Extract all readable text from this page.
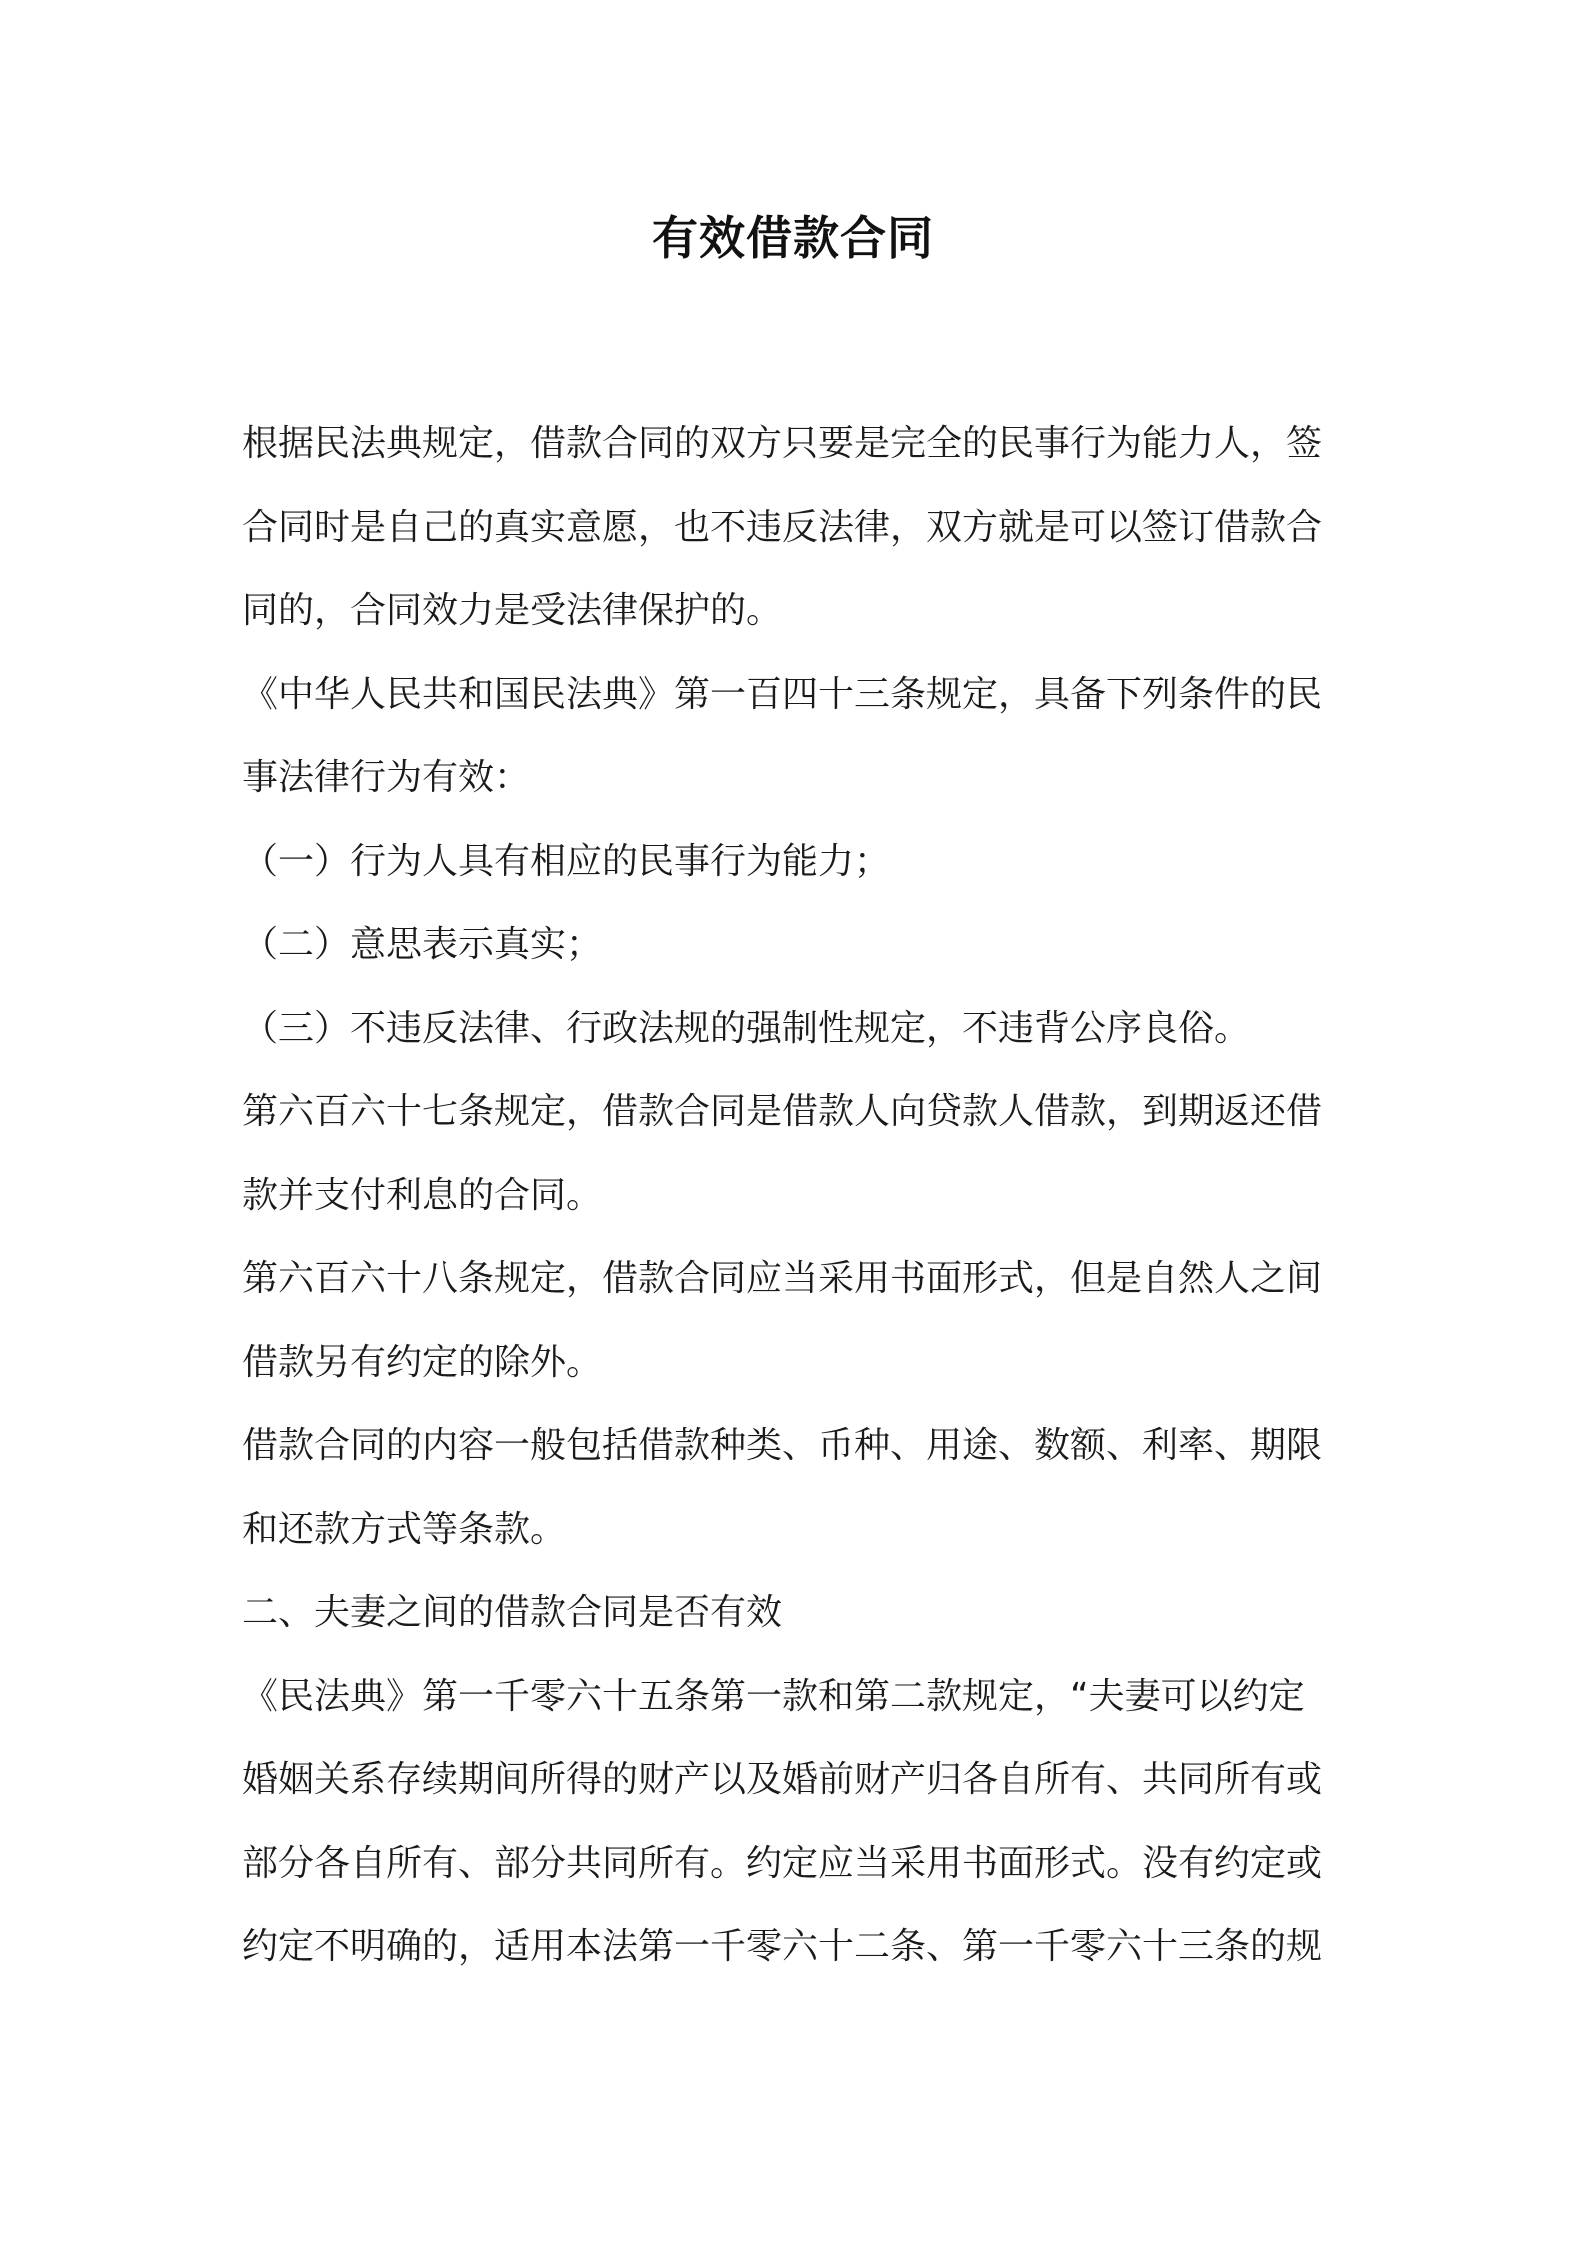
有效借款合同
根据民法典规定，借款合同的双方只要是完全的民事行为能力人，签
合同时是自己的真实意愿，也不违反法律，双方就是可以签订借款合
同的，合同效力是受法律保护的。
《中华人民共和国民法典》第一百四十三条规定，具备下列条件的民
事法律行为有效：
（一）行为人具有相应的民事行为能力；
（二）意思表示真实；
（三）不违反法律、行政法规的强制性规定，不违背公序良俗。
第六百六十七条规定，借款合同是借款人向贷款人借款，到期返还借
款并支付利息的合同。
第六百六十八条规定，借款合同应当采用书面形式，但是自然人之间
借款另有约定的除外。
借款合同的内容一般包括借款种类、币种、用途、数额、利率、期限
和还款方式等条款。
二、夫妻之间的借款合同是否有效
《民法典》第一千零六十五条第一款和第二款规定，“夫妻可以约定
婚姻关系存续期间所得的财产以及婚前财产归各自所有、共同所有或
部分各自所有、部分共同所有。约定应当采用书面形式。没有约定或
约定不明确的，适用本法第一千零六十二条、第一千零六十三条的规
